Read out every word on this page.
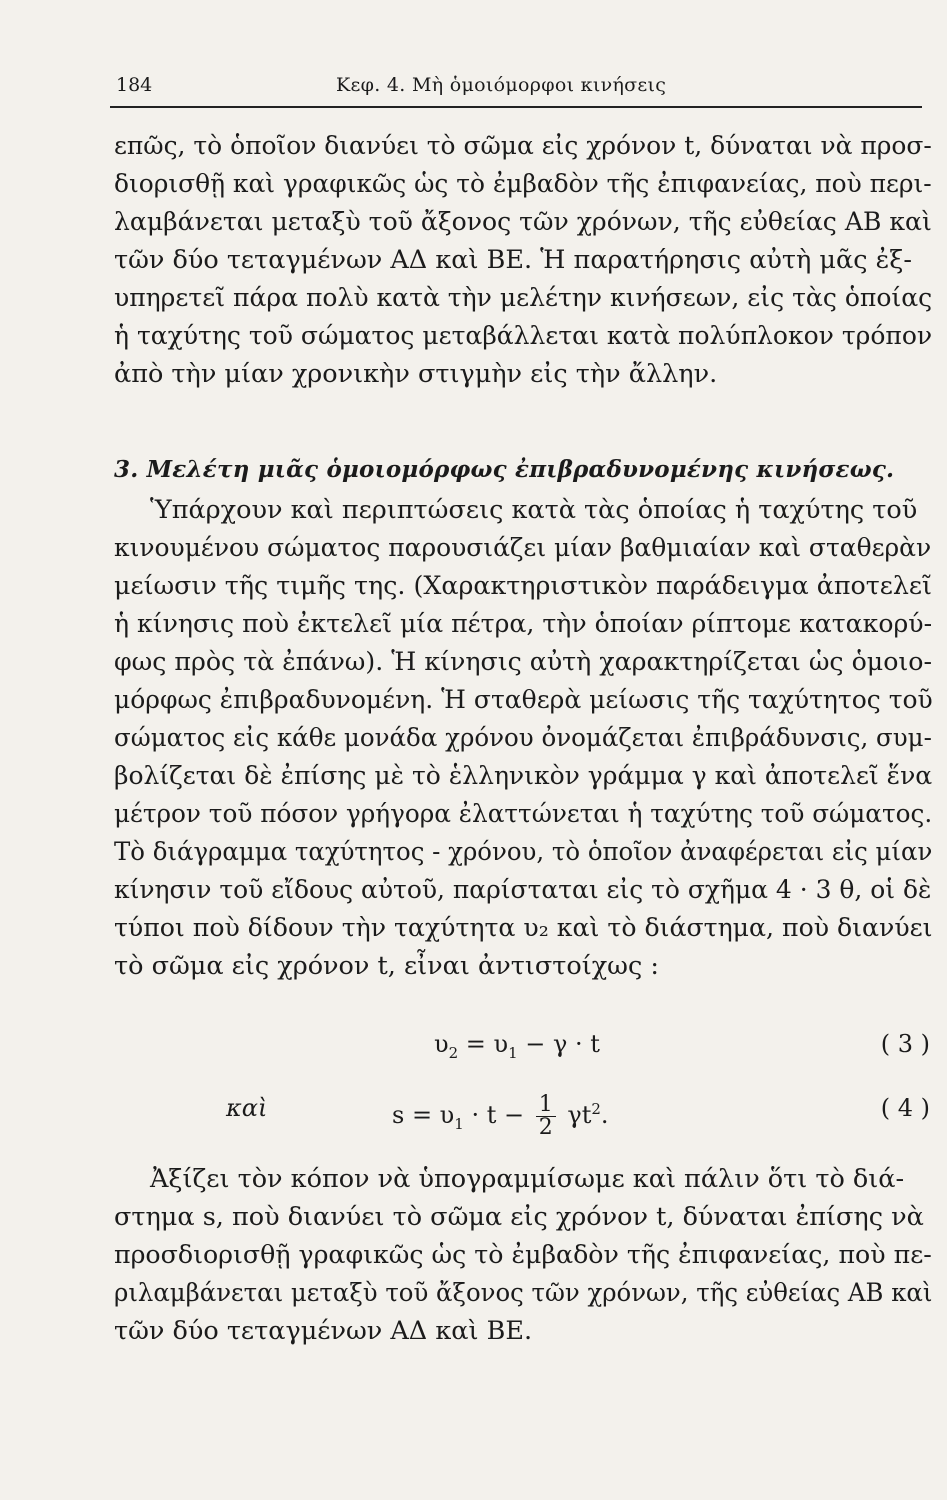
184	Κεφ. 4. Μὴ ὁμοιόμορφοι κινήσεις
επῶς, τὸ ὁποῖον διανύει τὸ σῶμα εἰς χρόνον t, δύναται νὰ προσ-
διορισθῇ καὶ γραφικῶς ὡς τὸ ἐμβαδὸν τῆς ἐπιφανείας, ποὺ περι-
λαμβάνεται μεταξὺ τοῦ ἄξονος τῶν χρόνων, τῆς εὐθείας ΑΒ καὶ
τῶν δύο τεταγμένων ΑΔ καὶ ΒΕ. Ἡ παρατήρησις αὐτὴ μᾶς ἐξ-
υπηρετεῖ πάρα πολὺ κατὰ τὴν μελέτην κινήσεων, εἰς τὰς ὁποίας
ἡ ταχύτης τοῦ σώματος μεταβάλλεται κατὰ πολύπλοκον τρόπον
ἀπὸ τὴν μίαν χρονικὴν στιγμὴν εἰς τὴν ἄλλην.
3. Μελέτη μιᾶς ὁμοιομόρφως ἐπιβραδυνομένης κινήσεως.
Ὑπάρχουν καὶ περιπτώσεις κατὰ τὰς ὁποίας ἡ ταχύτης τοῦ
κινουμένου σώματος παρουσιάζει μίαν βαθμιαίαν καὶ σταθερὰν
μείωσιν τῆς τιμῆς της. (Χαρακτηριστικὸν παράδειγμα ἀποτελεῖ
ἡ κίνησις ποὺ ἐκτελεῖ μία πέτρα, τὴν ὁποίαν ρίπτομε κατακορύ-
φως πρὸς τὰ ἐπάνω). Ἡ κίνησις αὐτὴ χαρακτηρίζεται ὡς ὁμοιο-
μόρφως ἐπιβραδυνομένη. Ἡ σταθερὰ μείωσις τῆς ταχύτητος τοῦ
σώματος εἰς κάθε μονάδα χρόνου ὀνομάζεται ἐπιβράδυνσις, συμ-
βολίζεται δὲ ἐπίσης μὲ τὸ ἑλληνικὸν γράμμα γ καὶ ἀποτελεῖ ἕνα
μέτρον τοῦ πόσον γρήγορα ἐλαττώνεται ἡ ταχύτης τοῦ σώματος.
Τὸ διάγραμμα ταχύτητος - χρόνου, τὸ ὁποῖον ἀναφέρεται εἰς μίαν
κίνησιν τοῦ εἴδους αὐτοῦ, παρίσταται εἰς τὸ σχῆμα 4 · 3 θ, οἱ δὲ
τύποι ποὺ δίδουν τὴν ταχύτητα υ₂ καὶ τὸ διάστημα, ποὺ διανύει
τὸ σῶμα εἰς χρόνον t, εἶναι ἀντιστοίχως :
$\upsilon_2 = \upsilon_1 - \gamma \cdot t$	( 3 )
καὶ	$s = \upsilon_1 \cdot t - \frac{1}{2} \gamma t^2$.	( 4 )
Ἀξίζει τὸν κόπον νὰ ὑπογραμμίσωμε καὶ πάλιν ὅτι τὸ διά-
στημα s, ποὺ διανύει τὸ σῶμα εἰς χρόνον t, δύναται ἐπίσης νὰ
προσδιορισθῇ γραφικῶς ὡς τὸ ἐμβαδὸν τῆς ἐπιφανείας, ποὺ πε-
ριλαμβάνεται μεταξὺ τοῦ ἄξονος τῶν χρόνων, τῆς εὐθείας ΑΒ καὶ
τῶν δύο τεταγμένων ΑΔ καὶ ΒΕ.
